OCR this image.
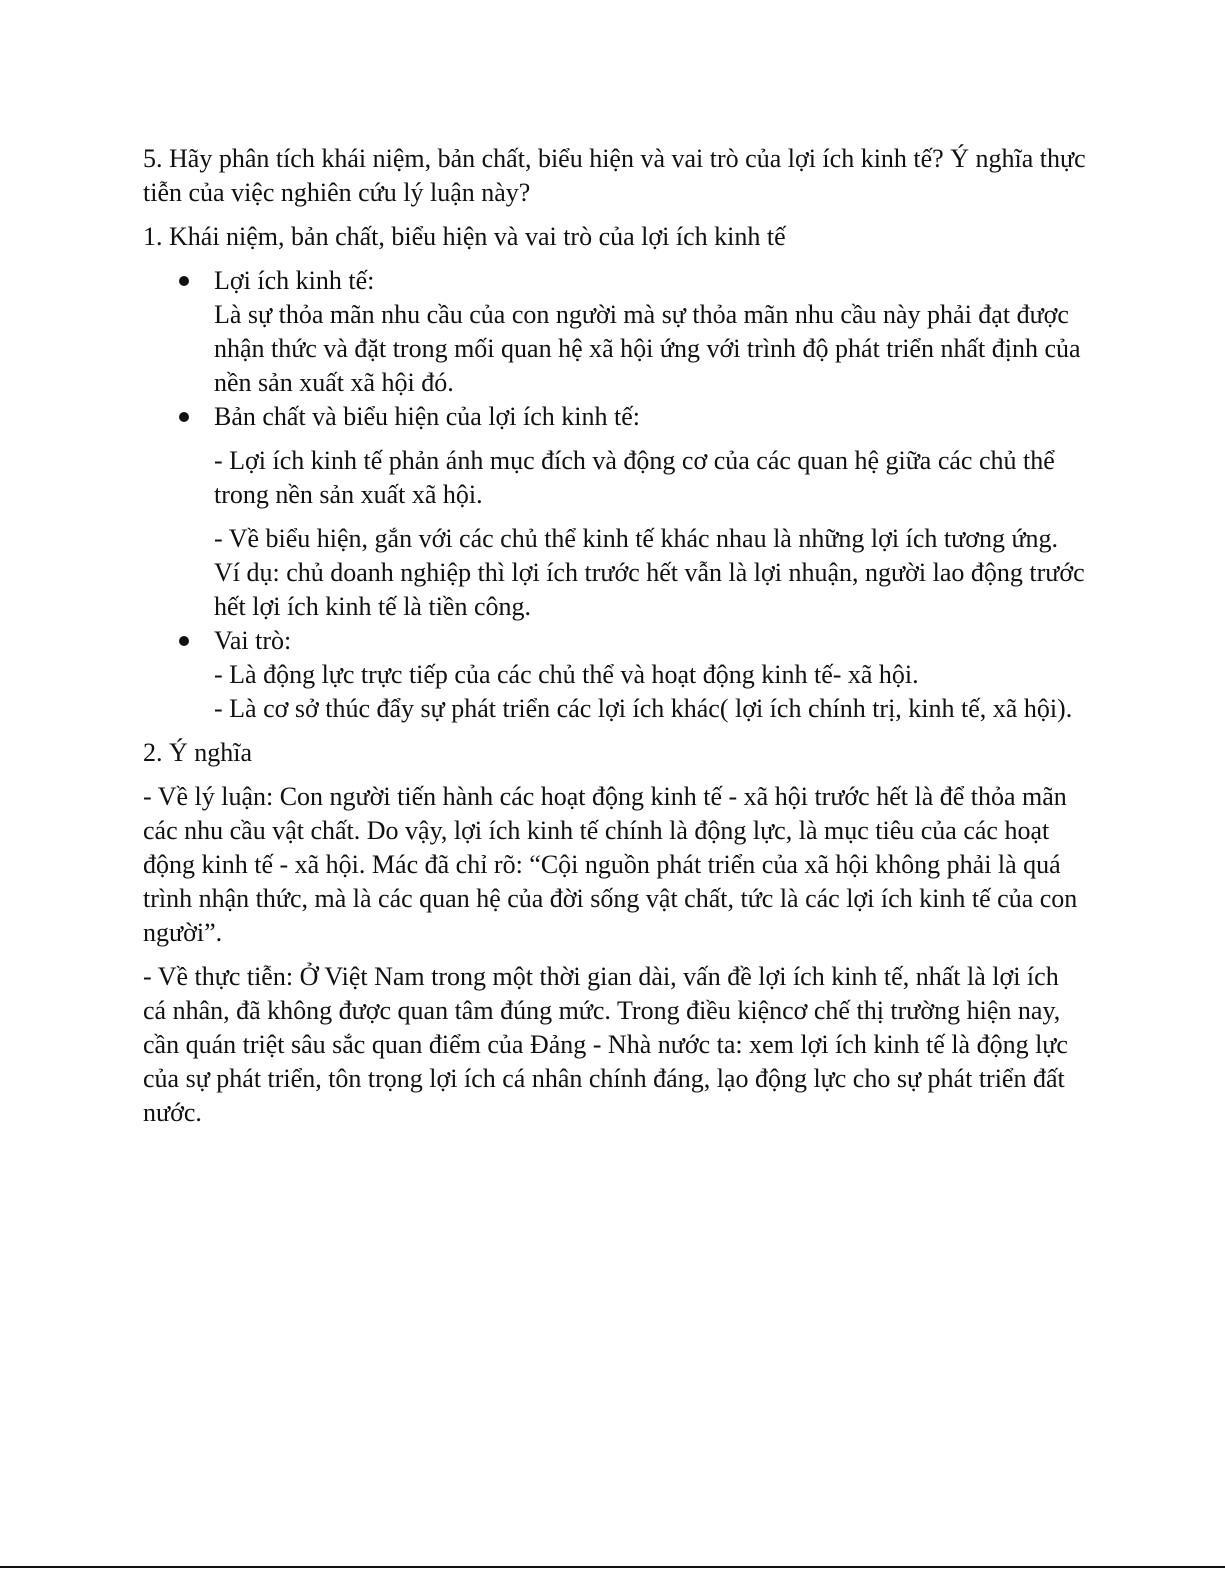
5. Hãy phân tích khái niệm, bản chất, biểu hiện và vai trò của lợi ích kinh tế? Ý nghĩa thực tiễn của việc nghiên cứu lý luận này?

1. Khái niệm, bản chất, biểu hiện và vai trò của lợi ích kinh tế

Lợi ích kinh tế:

Là sự thỏa mãn nhu cầu của con người mà sự thỏa mãn nhu cầu này phải đạt được nhận thức và đặt trong mối quan hệ xã hội ứng với trình độ phát triển nhất định của nền sản xuất xã hội đó.

Bản chất và biểu hiện của lợi ích kinh tế:

- Lợi ích kinh tế phản ánh mục đích và động cơ của các quan hệ giữa các chủ thể trong nền sản xuất xã hội.

- Về biểu hiện, gắn với các chủ thể kinh tế khác nhau là những lợi ích tương ứng.

Ví dụ: chủ doanh nghiệp thì lợi ích trước hết vẫn là lợi nhuận, người lao động trước hết lợi ích kinh tế là tiền công.

Vai trò:

- Là động lực trực tiếp của các chủ thể và hoạt động kinh tế- xã hội.

- Là cơ sở thúc đẩy sự phát triển các lợi ích khác( lợi ích chính trị, kinh tế, xã hội).

2. Ý nghĩa

- Về lý luận: Con người tiến hành các hoạt động kinh tế - xã hội trước hết là để thỏa mãn các nhu cầu vật chất. Do vậy, lợi ích kinh tế chính là động lực, là mục tiêu của các hoạt động kinh tế - xã hội. Mác đã chỉ rõ: “Cội nguồn phát triển của xã hội không phải là quá trình nhận thức, mà là các quan hệ của đời sống vật chất, tức là các lợi ích kinh tế của con người”.

- Về thực tiễn: Ở Việt Nam trong một thời gian dài, vấn đề lợi ích kinh tế, nhất là lợi ích cá nhân, đã không được quan tâm đúng mức. Trong điều kiệncơ chế thị trường hiện nay, cần quán triệt sâu sắc quan điểm của Đảng - Nhà nước ta: xem lợi ích kinh tế là động lực của sự phát triển, tôn trọng lợi ích cá nhân chính đáng, lạo động lực cho sự phát triển đất nước.
